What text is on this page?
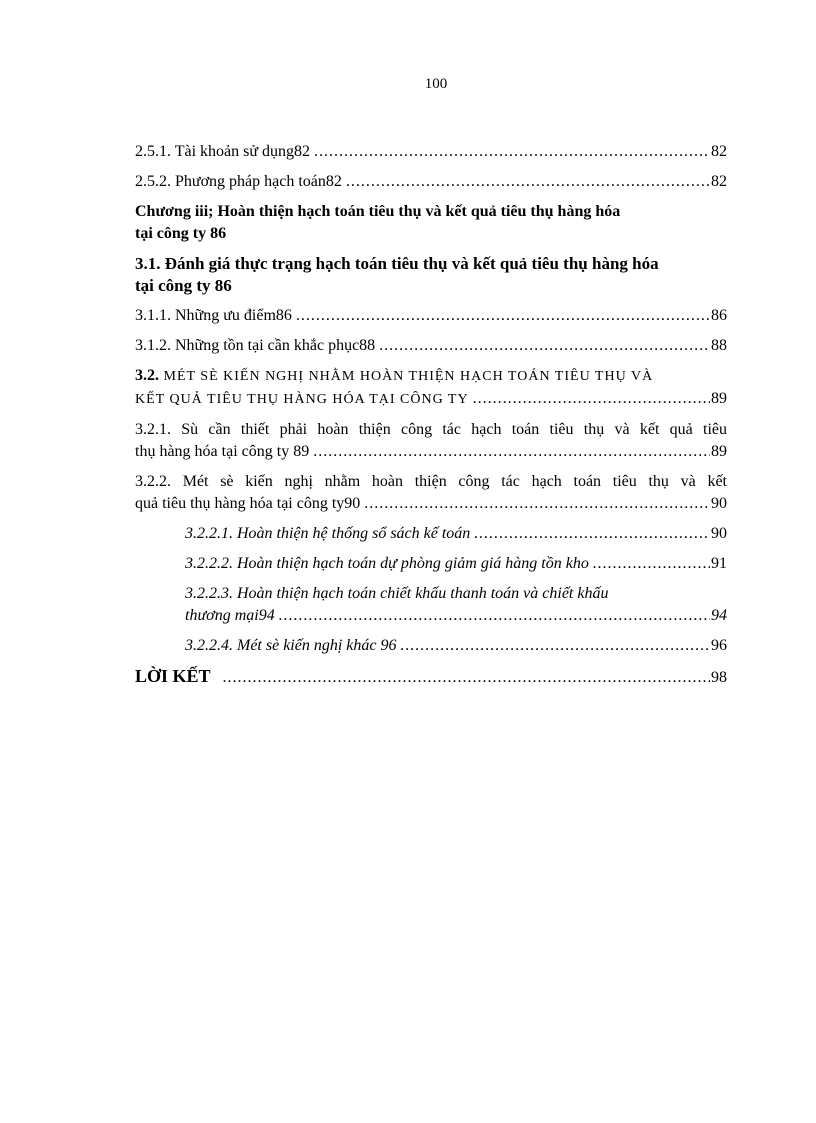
100
2.5.1. Tài khoản sử dụng82 .....	82
2.5.2. Phương pháp hạch toán82 .....	82
Chương iii; Hoàn thiện hạch toán tiêu thụ và kết quả tiêu thụ hàng hóa
tại công ty 86
3.1. Đánh giá thực trạng hạch toán tiêu thụ và kết quả tiêu thụ hàng hóa
tại công ty 86
3.1.1. Những ưu điểm86 .....	86
3.1.2. Những tồn tại cần khắc phục88 .....	88
3.2. MÉT SÈ KIẾN NGHỊ NHẰM HOÀN THIỆN HẠCH TOÁN TIÊU THỤ VÀ
KẾT QUẢ TIÊU THỤ HÀNG HÓA TẠI CÔNG TY .....	89
3.2.1. Sù cần thiết phải hoàn thiện công tác hạch toán tiêu thụ và kết quả tiêu
thụ hàng hóa tại công ty 89 .....	89
3.2.2. Mét sè kiến nghị nhằm hoàn thiện công tác hạch toán tiêu thụ và kết
quả tiêu thụ hàng hóa tại công ty90 .....	90
3.2.2.1. Hoàn thiện hệ thống sổ sách kế toán .....	90
3.2.2.2. Hoàn thiện hạch toán dự phòng giảm giá hàng tồn kho .....	91
3.2.2.3. Hoàn thiện hạch toán chiết khấu thanh toán và chiết khấu
thương mại94 .....	94
3.2.2.4. Mét sè kiến nghị khác 96 .....	96
LỜI KẾT .....	98
